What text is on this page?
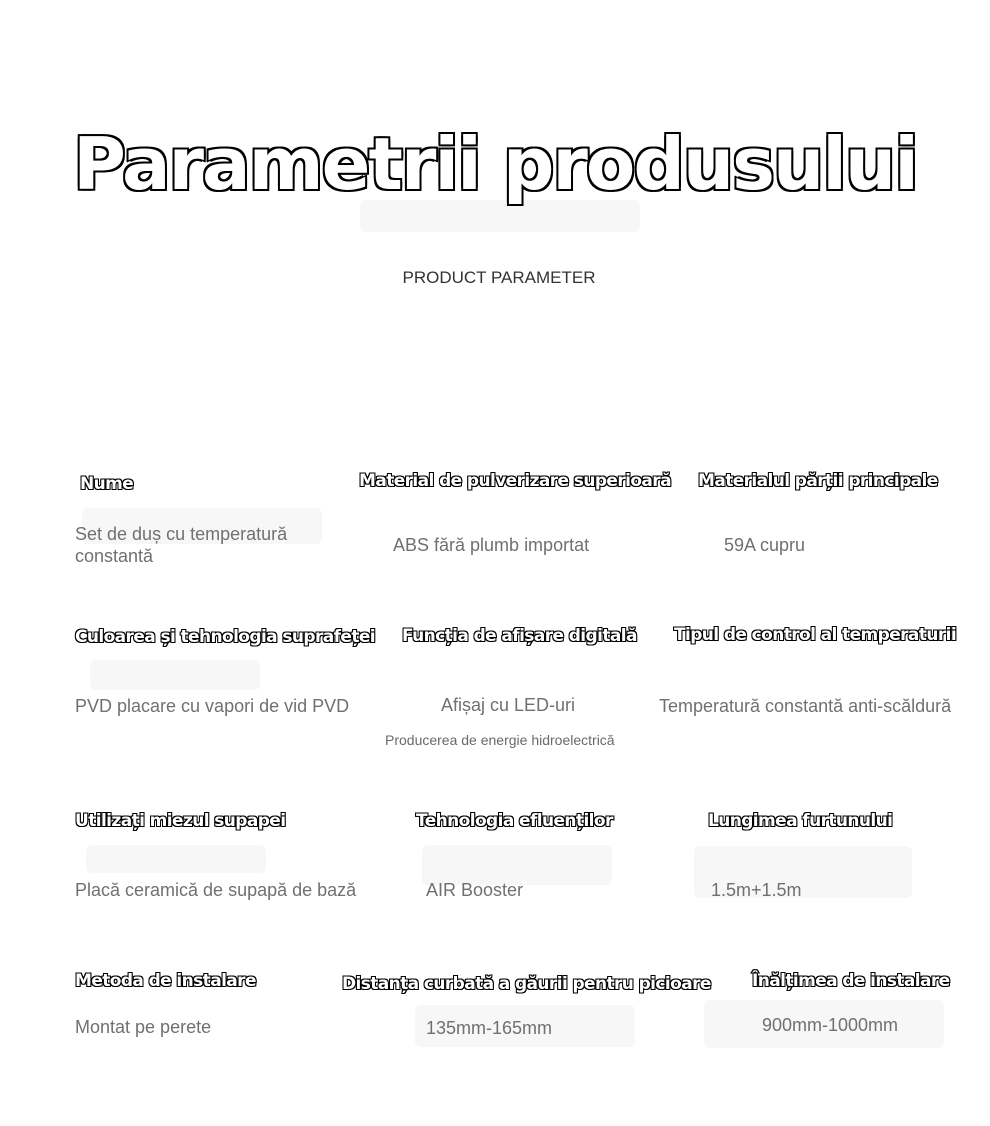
Parametrii produsului
PRODUCT PARAMETER
Nume
Set de duș cu temperatură constantă
Material de pulverizare superioară
ABS fără plumb importat
Materialul părții principale
59A cupru
Culoarea și tehnologia suprafeței
PVD placare cu vapori de vid PVD
Funcția de afișare digitală
Afișaj cu LED-uri
Producerea de energie hidroelectrică
Tipul de control al temperaturii
Temperatură constantă anti-scăldură
Utilizați miezul supapei
Placă ceramică de supapă de bază
Tehnologia efluenților
AIR Booster
Lungimea furtunului
1.5m+1.5m
Metoda de instalare
Montat pe perete
Distanța curbată a găurii pentru picioare
135mm-165mm
Înălțimea de instalare
900mm-1000mm
